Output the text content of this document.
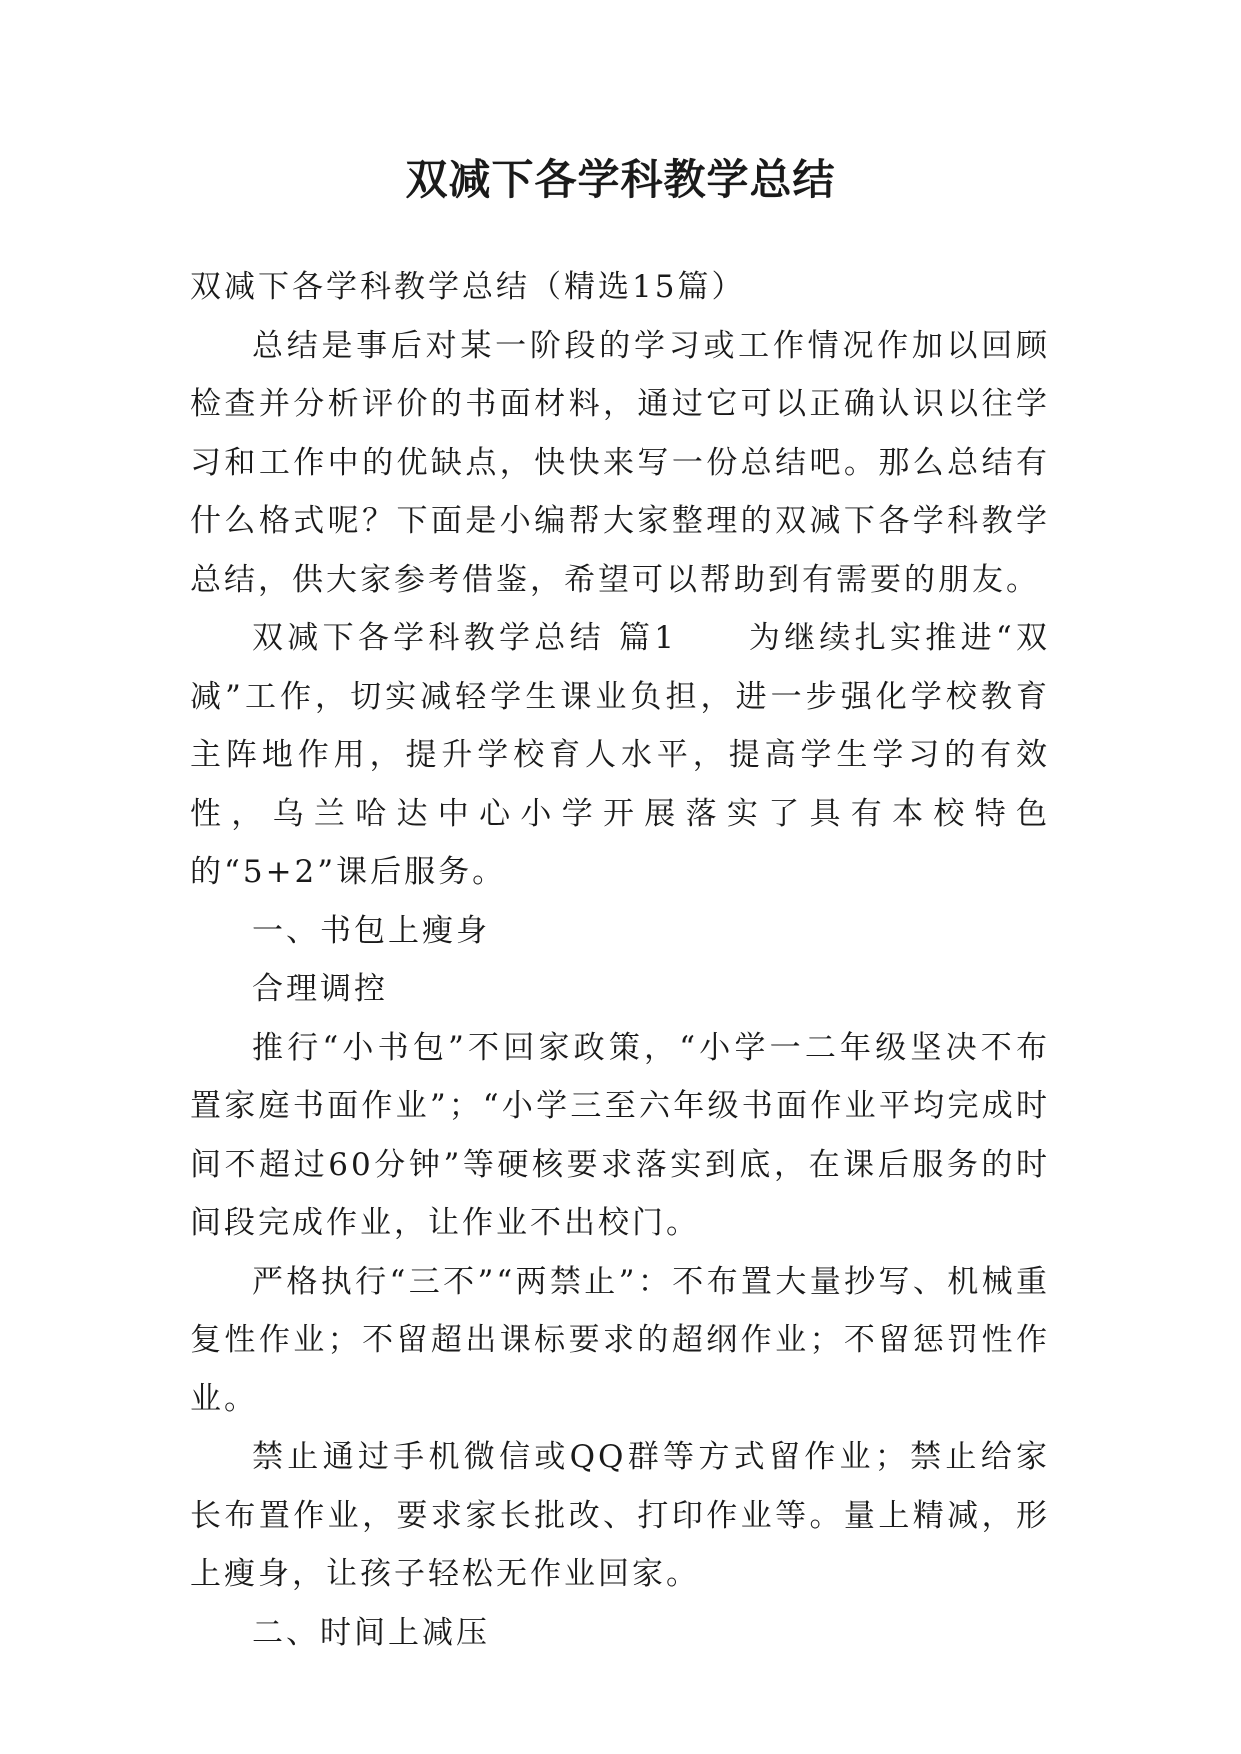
双减下各学科教学总结

双减下各学科教学总结（精选15篇）

总结是事后对某一阶段的学习或工作情况作加以回顾检查并分析评价的书面材料，通过它可以正确认识以往学习和工作中的优缺点，快快来写一份总结吧。那么总结有什么格式呢？下面是小编帮大家整理的双减下各学科教学总结，供大家参考借鉴，希望可以帮助到有需要的朋友。

双减下各学科教学总结 篇1　　为继续扎实推进“双减”工作，切实减轻学生课业负担，进一步强化学校教育主阵地作用，提升学校育人水平，提高学生学习的有效性，乌兰哈达中心小学开展落实了具有本校特色的“5+2”课后服务。

一、书包上瘦身

合理调控

推行“小书包”不回家政策，“小学一二年级坚决不布置家庭书面作业”；“小学三至六年级书面作业平均完成时间不超过60分钟”等硬核要求落实到底，在课后服务的时间段完成作业，让作业不出校门。

严格执行“三不”“两禁止”：不布置大量抄写、机械重复性作业；不留超出课标要求的超纲作业；不留惩罚性作业。

禁止通过手机微信或QQ群等方式留作业；禁止给家长布置作业，要求家长批改、打印作业等。量上精减，形上瘦身，让孩子轻松无作业回家。

二、时间上减压
